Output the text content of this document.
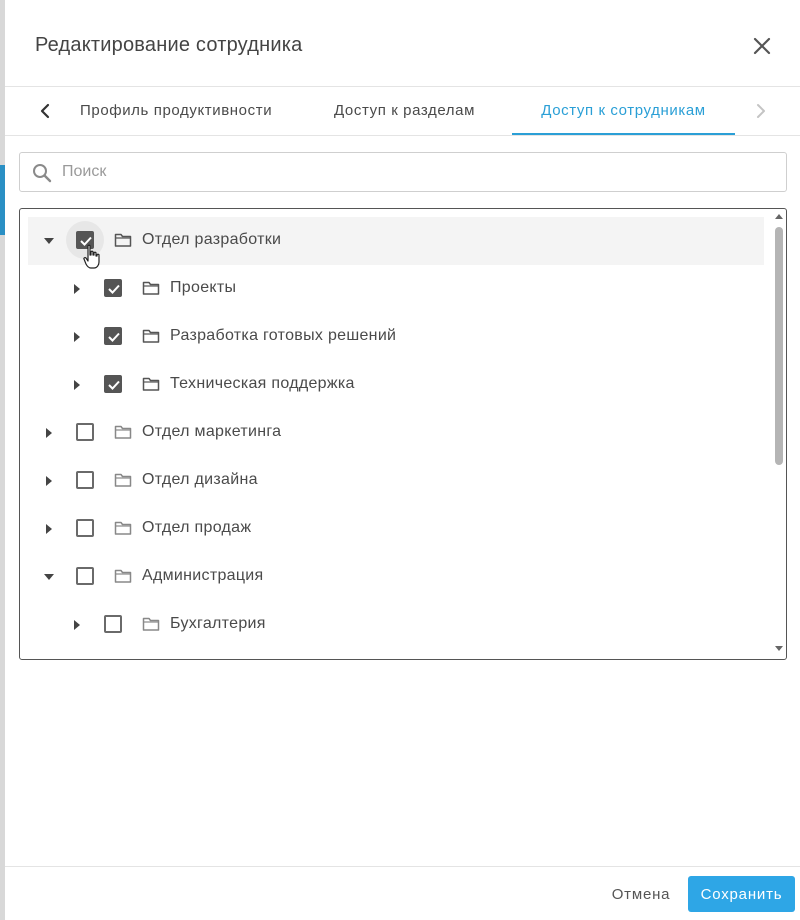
Редактирование сотрудника
Профиль продуктивности	Доступ к разделам	Доступ к сотрудникам
Поиск
Отдел разработки
Проекты
Разработка готовых решений
Техническая поддержка
Отдел маркетинга
Отдел дизайна
Отдел продаж
Администрация
Бухгалтерия
Отмена	Сохранить
